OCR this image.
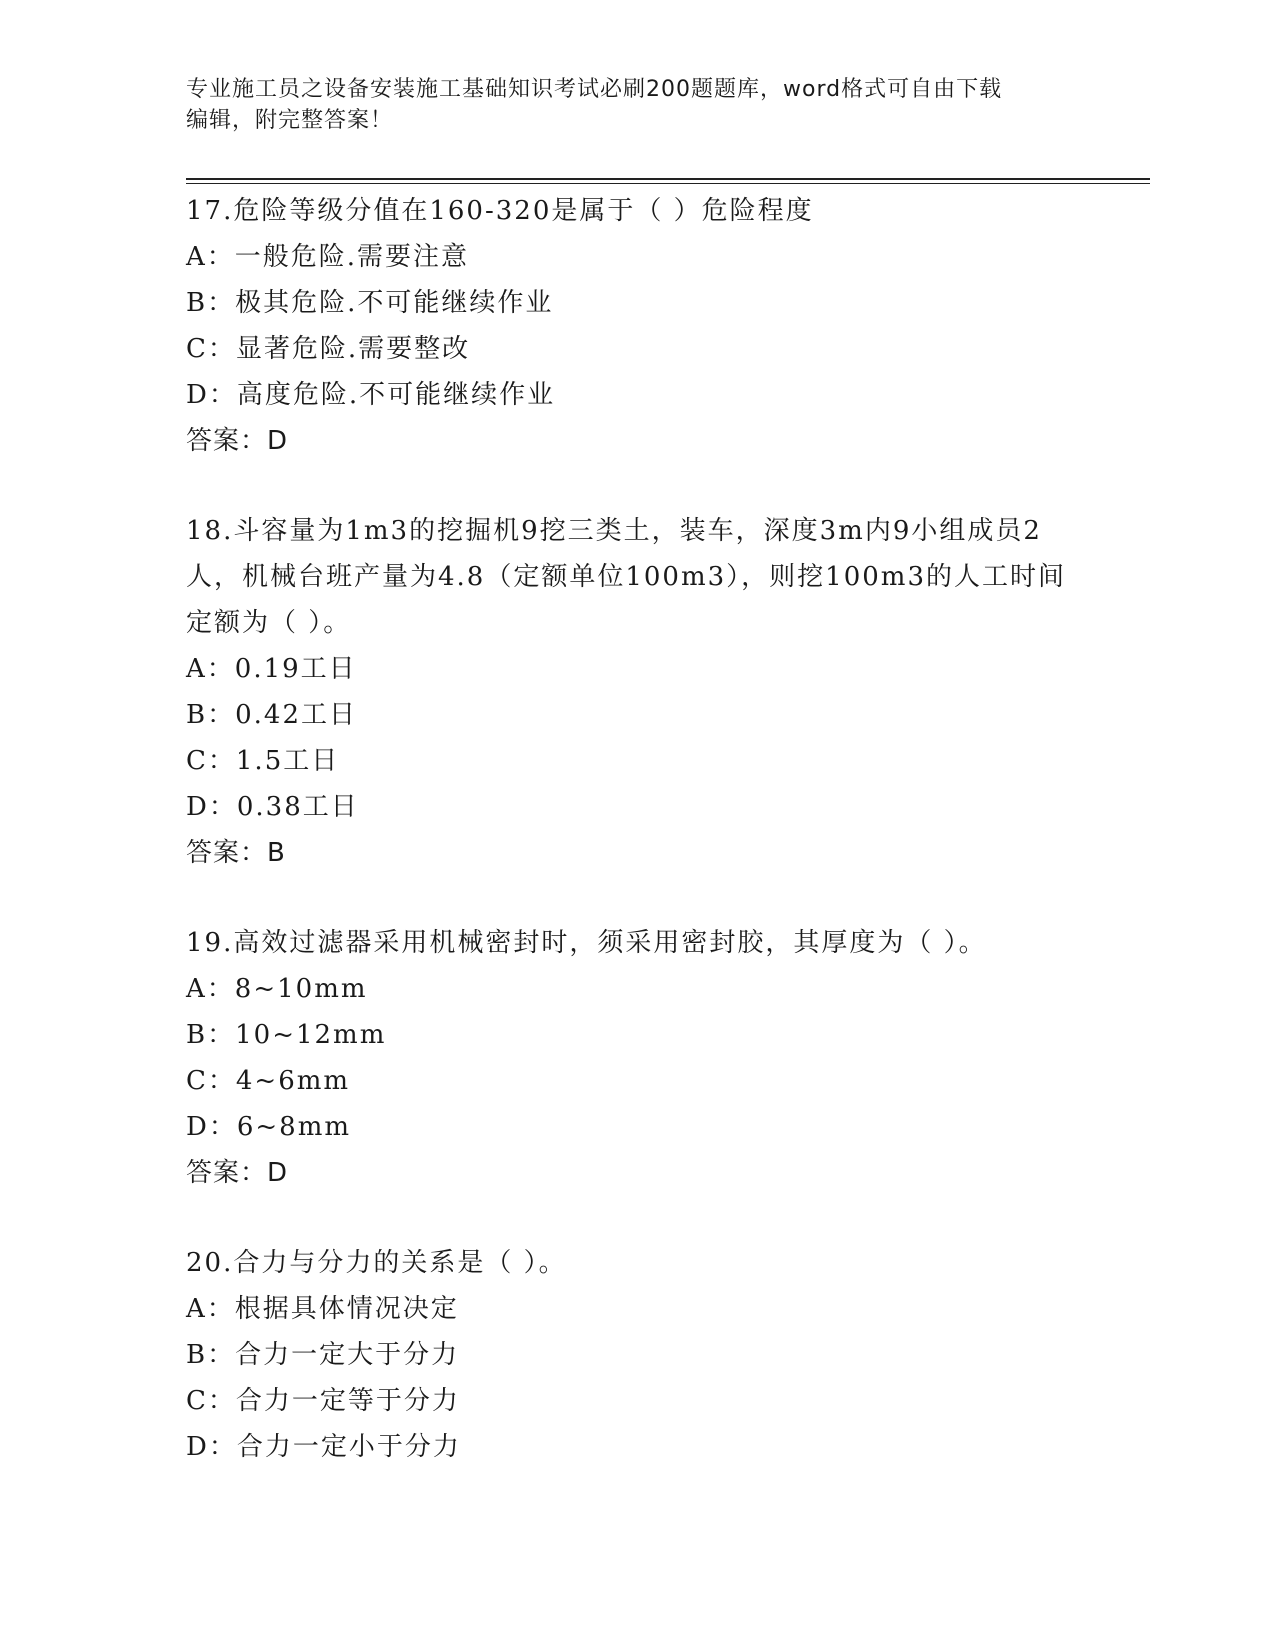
专业施工员之设备安装施工基础知识考试必刷200题题库，word格式可自由下载
编辑，附完整答案！
17.危险等级分值在160-320是属于（ ）危险程度
A：一般危险.需要注意
B：极其危险.不可能继续作业
C：显著危险.需要整改
D：高度危险.不可能继续作业
答案：D
18.斗容量为1m3的挖掘机9挖三类土，装车，深度3m内9小组成员2人，机械台班产量为4.8（定额单位100m3），则挖100m3的人工时间定额为（ ）。
A：0.19工日
B：0.42工日
C：1.5工日
D：0.38工日
答案：B
19.高效过滤器采用机械密封时，须采用密封胶，其厚度为（ ）。
A：8~10mm
B：10~12mm
C：4~6mm
D：6~8mm
答案：D
20.合力与分力的关系是（ ）。
A：根据具体情况决定
B：合力一定大于分力
C：合力一定等于分力
D：合力一定小于分力
